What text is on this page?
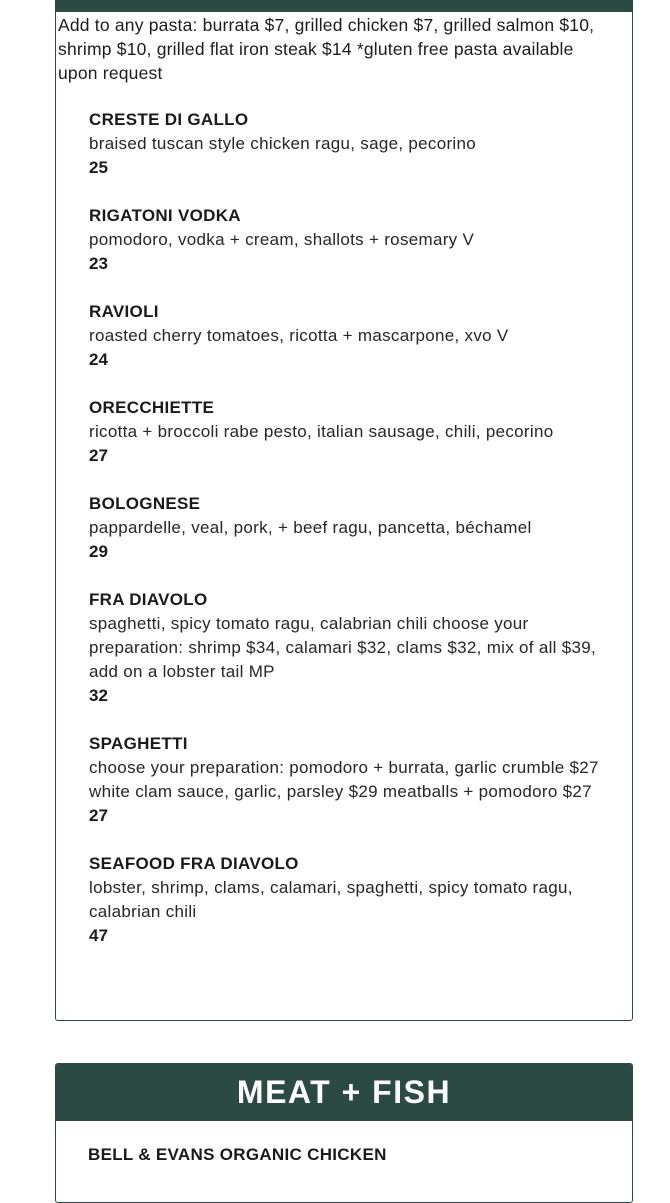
Add to any pasta: burrata $7, grilled chicken $7, grilled salmon $10, shrimp $10, grilled flat iron steak $14 *gluten free pasta available upon request
CRESTE DI GALLO
braised tuscan style chicken ragu, sage, pecorino
25
RIGATONI VODKA
pomodoro, vodka + cream, shallots + rosemary V
23
RAVIOLI
roasted cherry tomatoes, ricotta + mascarpone, xvo V
24
ORECCHIETTE
ricotta + broccoli rabe pesto, italian sausage, chili, pecorino
27
BOLOGNESE
pappardelle, veal, pork, + beef ragu, pancetta, béchamel
29
FRA DIAVOLO
spaghetti, spicy tomato ragu, calabrian chili choose your preparation: shrimp $34, calamari $32, clams $32, mix of all $39, add on a lobster tail MP
32
SPAGHETTI
choose your preparation: pomodoro + burrata, garlic crumble $27 white clam sauce, garlic, parsley $29 meatballs + pomodoro $27
27
SEAFOOD FRA DIAVOLO
lobster, shrimp, clams, calamari, spaghetti, spicy tomato ragu, calabrian chili
47
MEAT + FISH
BELL & EVANS ORGANIC CHICKEN
